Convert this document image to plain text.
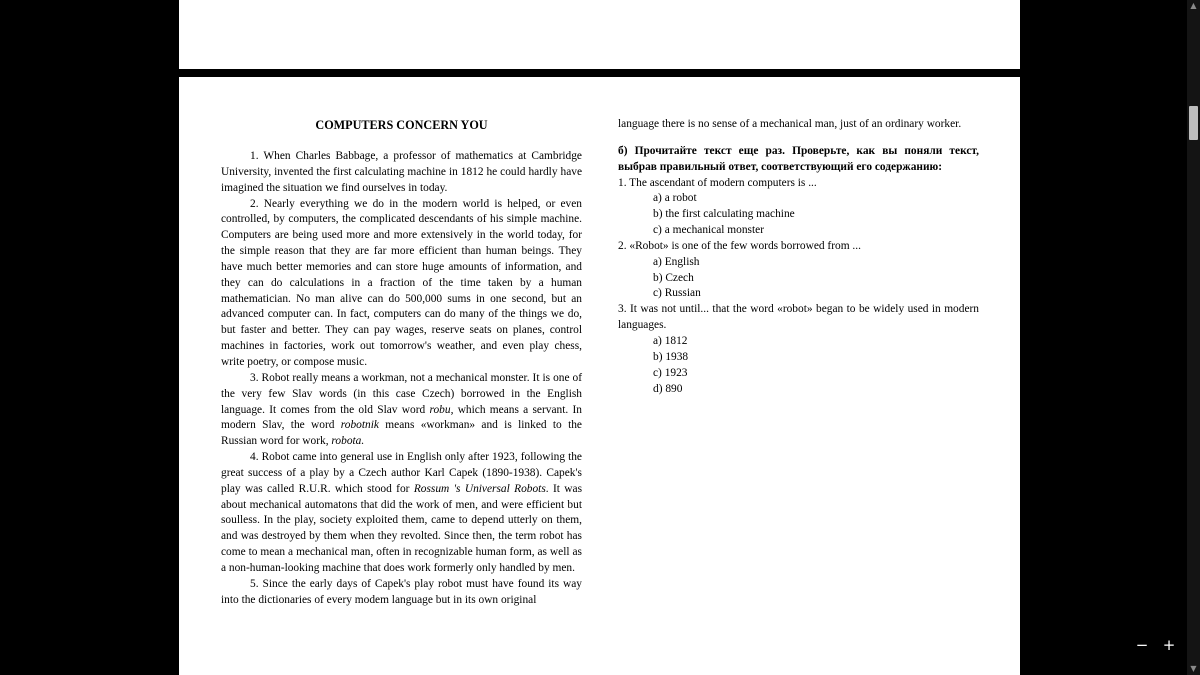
COMPUTERS CONCERN YOU

1. When Charles Babbage, a professor of mathematics at Cambridge University, invented the first calculating machine in 1812 he could hardly have imagined the situation we find ourselves in today.

2. Nearly everything we do in the modern world is helped, or even controlled, by computers, the complicated descendants of his simple machine. Computers are being used more and more extensively in the world today, for the simple reason that they are far more efficient than human beings. They have much better memories and can store huge amounts of information, and they can do calculations in a fraction of the time taken by a human mathematician. No man alive can do 500,000 sums in one second, but an advanced computer can. In fact, computers can do many of the things we do, but faster and better. They can pay wages, reserve seats on planes, control machines in factories, work out tomorrow's weather, and even play chess, write poetry, or compose music.

3. Robot really means a workman, not a mechanical monster. It is one of the very few Slav words (in this case Czech) borrowed in the English language. It comes from the old Slav word robu, which means a servant. In modern Slav, the word robotnik means «workman» and is linked to the Russian word for work, robota.

4. Robot came into general use in English only after 1923, following the great success of a play by a Czech author Karl Capek (1890-1938). Capek's play was called R.U.R. which stood for Rossum 's Universal Robots. It was about mechanical automatons that did the work of men, and were efficient but soulless. In the play, society exploited them, came to depend utterly on them, and was destroyed by them when they revolted. Since then, the term robot has come to mean a mechanical man, often in recognizable human form, as well as a non-human-looking machine that does work formerly only handled by men.

5. Since the early days of Capek's play robot must have found its way into the dictionaries of every modem language but in its own original

language there is no sense of a mechanical man, just of an ordinary worker.

б) Прочитайте текст еще раз. Проверьте, как вы поняли текст, выбрав правильный ответ, соответствующий его содержанию:

1. The ascendant of modern computers is ...

a) a robot
b) the first calculating machine
c) a mechanical monster

2. «Robot» is one of the few words borrowed from ...

a) English
b) Czech
c) Russian

3. It was not until... that the word «robot» began to be widely used in modern languages.

a) 1812
b) 1938
c) 1923
d) 890
▲
▼
− +
